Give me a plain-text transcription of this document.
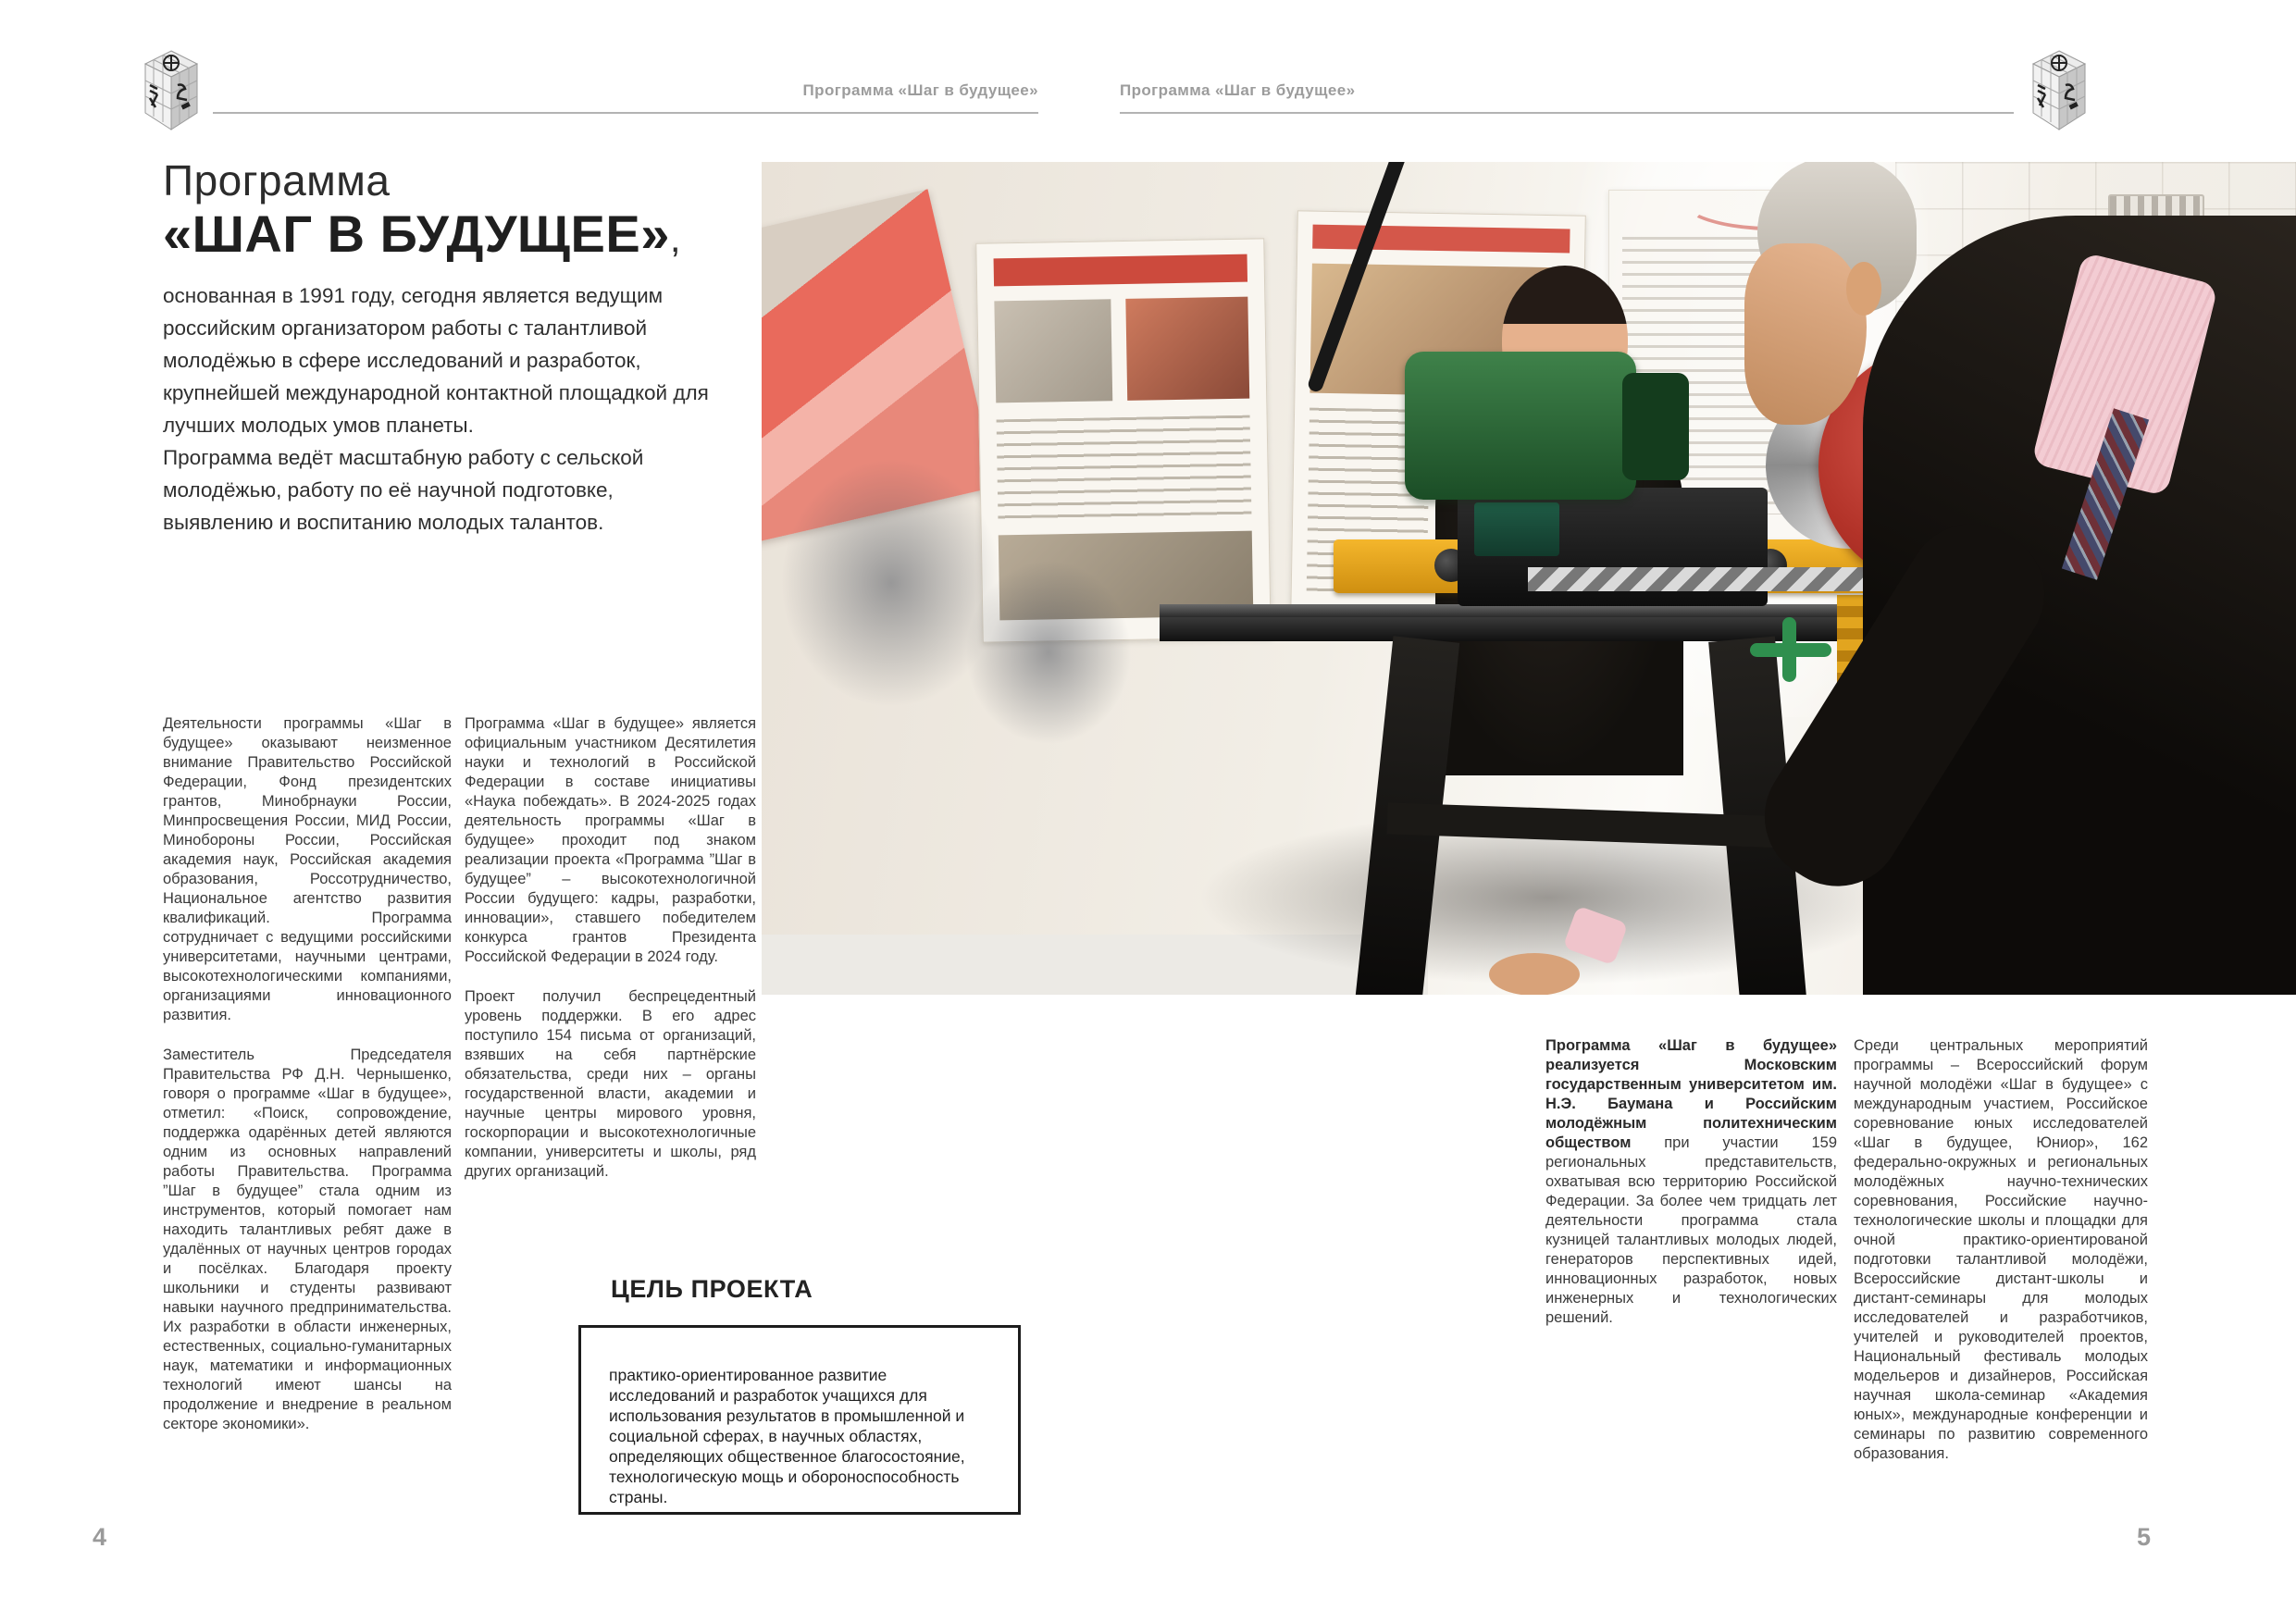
Программа «Шаг в будущее»	Программа «Шаг в будущее»
Программа
«ШАГ В БУДУЩЕЕ»,

основанная в 1991 году, сегодня является ведущим российским организатором работы с талантливой молодёжью в сфере исследований и разработок, крупнейшей международной контактной площадкой для лучших молодых умов планеты.

Программа ведёт масштабную работу с сельской молодёжью, работу по её научной подготовке, выявлению и воспитанию молодых талантов.

Деятельности программы «Шаг в будущее» оказывают неизменное внимание Правительство Российской Федерации, Фонд президентских грантов, Минобрнауки России, Минпросвещения России, МИД России, Минобороны России, Российская академия наук, Российская академия образования, Россотрудничество, Национальное агентство развития квалификаций. Программа сотрудничает с ведущими российскими университетами, научными центрами, высокотехнологическими компаниями, организациями инновационного развития.

Заместитель Председателя Правительства РФ Д.Н. Чернышенко, говоря о программе «Шаг в будущее», отметил: «Поиск, сопровождение, поддержка одарённых детей являются одним из основных направлений работы Правительства. Программа ”Шаг в будущее” стала одним из инструментов, который помогает нам находить талантливых ребят даже в удалённых от научных центров городах и посёлках. Благодаря проекту школьники и студенты развивают навыки научного предпринимательства. Их разработки в области инженерных, естественных, социально-гуманитарных наук, математики и информационных технологий имеют шансы на продолжение и внедрение в реальном секторе экономики».

Программа «Шаг в будущее» является официальным участником Десятилетия науки и технологий в Российской Федерации в составе инициативы «Наука побеждать». В 2024-2025 годах деятельность программы «Шаг в будущее» проходит под знаком реализации проекта «Программа ”Шаг в будущее” – высокотехнологичной России будущего: кадры, разработки, инновации», ставшего победителем конкурса грантов Президента Российской Федерации в 2024 году.

Проект получил беспрецедентный уровень поддержки. В его адрес поступило 154 письма от организаций, взявших на себя партнёрские обязательства, среди них – органы государственной власти, академии и научные центры мирового уровня, госкорпорации и высокотехнологичные компании, университеты и школы, ряд других организаций.

ЦЕЛЬ ПРОЕКТА
практико-ориентированное развитие исследований и разработок учащихся для использования результатов в промышленной и социальной сферах, в научных областях, определяющих общественное благосостояние, технологическую мощь и обороноспособность страны.

Программа «Шаг в будущее» реализуется Московским государственным университетом им. Н.Э. Баумана и Российским молодёжным политехническим обществом при участии 159 региональных представительств, охватывая всю территорию Российской Федерации. За более чем тридцать лет деятельности программа стала кузницей талантливых молодых людей, генераторов перспективных идей, инновационных разработок, новых инженерных и технологических решений.

Среди центральных мероприятий программы – Всероссийский форум научной молодёжи «Шаг в будущее» с международным участием, Российское соревнование юных исследователей «Шаг в будущее, Юниор», 162 федерально-окружных и региональных молодёжных научно-технических соревнования, Российские научно-технологические школы и площадки для очной практико-ориентированой подготовки талантливой молодёжи, Всероссийские дистант-школы и дистант-семинары для молодых исследователей и разработчиков, учителей и руководителей проектов, Национальный фестиваль молодых модельеров и дизайнеров, Российская научная школа-семинар «Академия юных», международные конференции и семинары по развитию современного образования.

4	5
